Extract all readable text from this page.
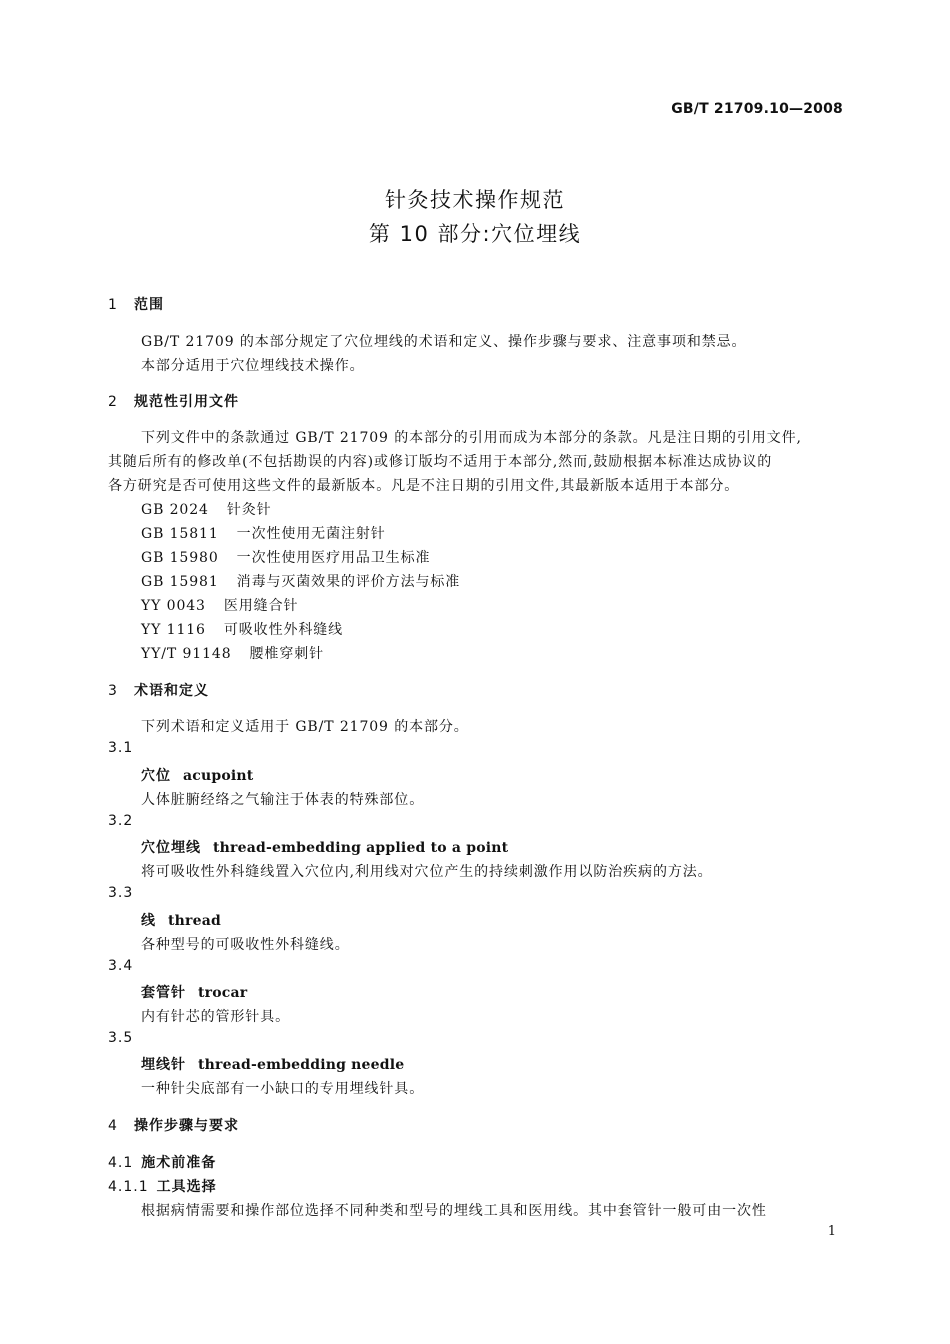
GB/T 21709.10—2008
针灸技术操作规范
第 10 部分:穴位埋线
1 范围
GB/T 21709 的本部分规定了穴位埋线的术语和定义、操作步骤与要求、注意事项和禁忌。
本部分适用于穴位埋线技术操作。
2 规范性引用文件
下列文件中的条款通过 GB/T 21709 的本部分的引用而成为本部分的条款。凡是注日期的引用文件,
其随后所有的修改单(不包括勘误的内容)或修订版均不适用于本部分,然而,鼓励根据本标准达成协议的
各方研究是否可使用这些文件的最新版本。凡是不注日期的引用文件,其最新版本适用于本部分。
GB 2024 针灸针
GB 15811 一次性使用无菌注射针
GB 15980 一次性使用医疗用品卫生标准
GB 15981 消毒与灭菌效果的评价方法与标准
YY 0043 医用缝合针
YY 1116 可吸收性外科缝线
YY/T 91148 腰椎穿刺针
3 术语和定义
下列术语和定义适用于 GB/T 21709 的本部分。
3.1
穴位 acupoint
人体脏腑经络之气输注于体表的特殊部位。
3.2
穴位埋线 thread-embedding applied to a point
将可吸收性外科缝线置入穴位内,利用线对穴位产生的持续刺激作用以防治疾病的方法。
3.3
线 thread
各种型号的可吸收性外科缝线。
3.4
套管针 trocar
内有针芯的管形针具。
3.5
埋线针 thread-embedding needle
一种针尖底部有一小缺口的专用埋线针具。
4 操作步骤与要求
4.1 施术前准备
4.1.1 工具选择
根据病情需要和操作部位选择不同种类和型号的埋线工具和医用线。其中套管针一般可由一次性
1
